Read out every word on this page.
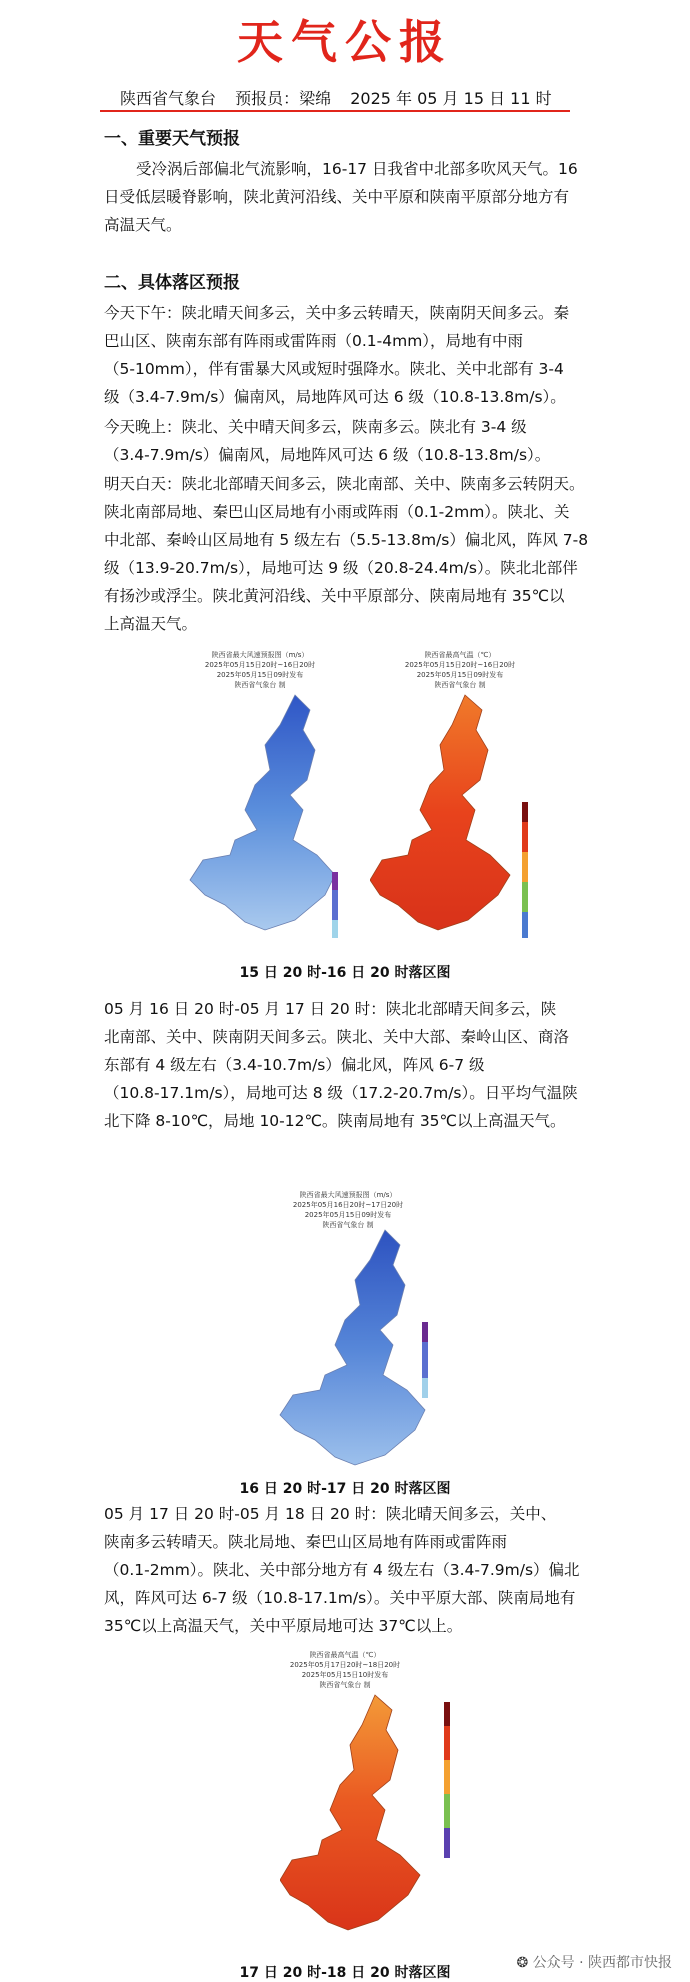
天气公报
陕西省气象台 预报员：梁绵 2025 年 05 月 15 日 11 时
一、重要天气预报
受冷涡后部偏北气流影响，16-17 日我省中北部多吹风天气。16
日受低层暖脊影响，陕北黄河沿线、关中平原和陕南平原部分地方有
高温天气。
二、具体落区预报
今天下午：陕北晴天间多云，关中多云转晴天，陕南阴天间多云。秦
巴山区、陕南东部有阵雨或雷阵雨（0.1-4mm），局地有中雨
（5-10mm），伴有雷暴大风或短时强降水。陕北、关中北部有 3-4
级（3.4-7.9m/s）偏南风，局地阵风可达 6 级（10.8-13.8m/s）。
今天晚上：陕北、关中晴天间多云，陕南多云。陕北有 3-4 级
（3.4-7.9m/s）偏南风，局地阵风可达 6 级（10.8-13.8m/s）。
明天白天：陕北北部晴天间多云，陕北南部、关中、陕南多云转阴天。
陕北南部局地、秦巴山区局地有小雨或阵雨（0.1-2mm）。陕北、关
中北部、秦岭山区局地有 5 级左右（5.5-13.8m/s）偏北风，阵风 7-8
级（13.9-20.7m/s），局地可达 9 级（20.8-24.4m/s）。陕北北部伴
有扬沙或浮尘。陕北黄河沿线、关中平原部分、陕南局地有 35℃以
上高温天气。
陕西省最大风速预报图（m/s）
2025年05月15日20时~16日20时
2025年05月15日09时发布
陕西省气象台 制
陕西省最高气温（℃）
2025年05月15日20时~16日20时
2025年05月15日09时发布
陕西省气象台 制
15 日 20 时-16 日 20 时落区图
05 月 16 日 20 时-05 月 17 日 20 时：陕北北部晴天间多云，陕
北南部、关中、陕南阴天间多云。陕北、关中大部、秦岭山区、商洛
东部有 4 级左右（3.4-10.7m/s）偏北风，阵风 6-7 级
（10.8-17.1m/s），局地可达 8 级（17.2-20.7m/s）。日平均气温陕
北下降 8-10℃，局地 10-12℃。陕南局地有 35℃以上高温天气。
陕西省最大风速预报图（m/s）
2025年05月16日20时~17日20时
2025年05月15日09时发布
陕西省气象台 制
16 日 20 时-17 日 20 时落区图
05 月 17 日 20 时-05 月 18 日 20 时：陕北晴天间多云，关中、
陕南多云转晴天。陕北局地、秦巴山区局地有阵雨或雷阵雨
（0.1-2mm）。陕北、关中部分地方有 4 级左右（3.4-7.9m/s）偏北
风，阵风可达 6-7 级（10.8-17.1m/s）。关中平原大部、陕南局地有
35℃以上高温天气，关中平原局地可达 37℃以上。
陕西省最高气温（℃）
2025年05月17日20时~18日20时
2025年05月15日10时发布
陕西省气象台 制
17 日 20 时-18 日 20 时落区图
❂ 公众号 · 陕西都市快报
